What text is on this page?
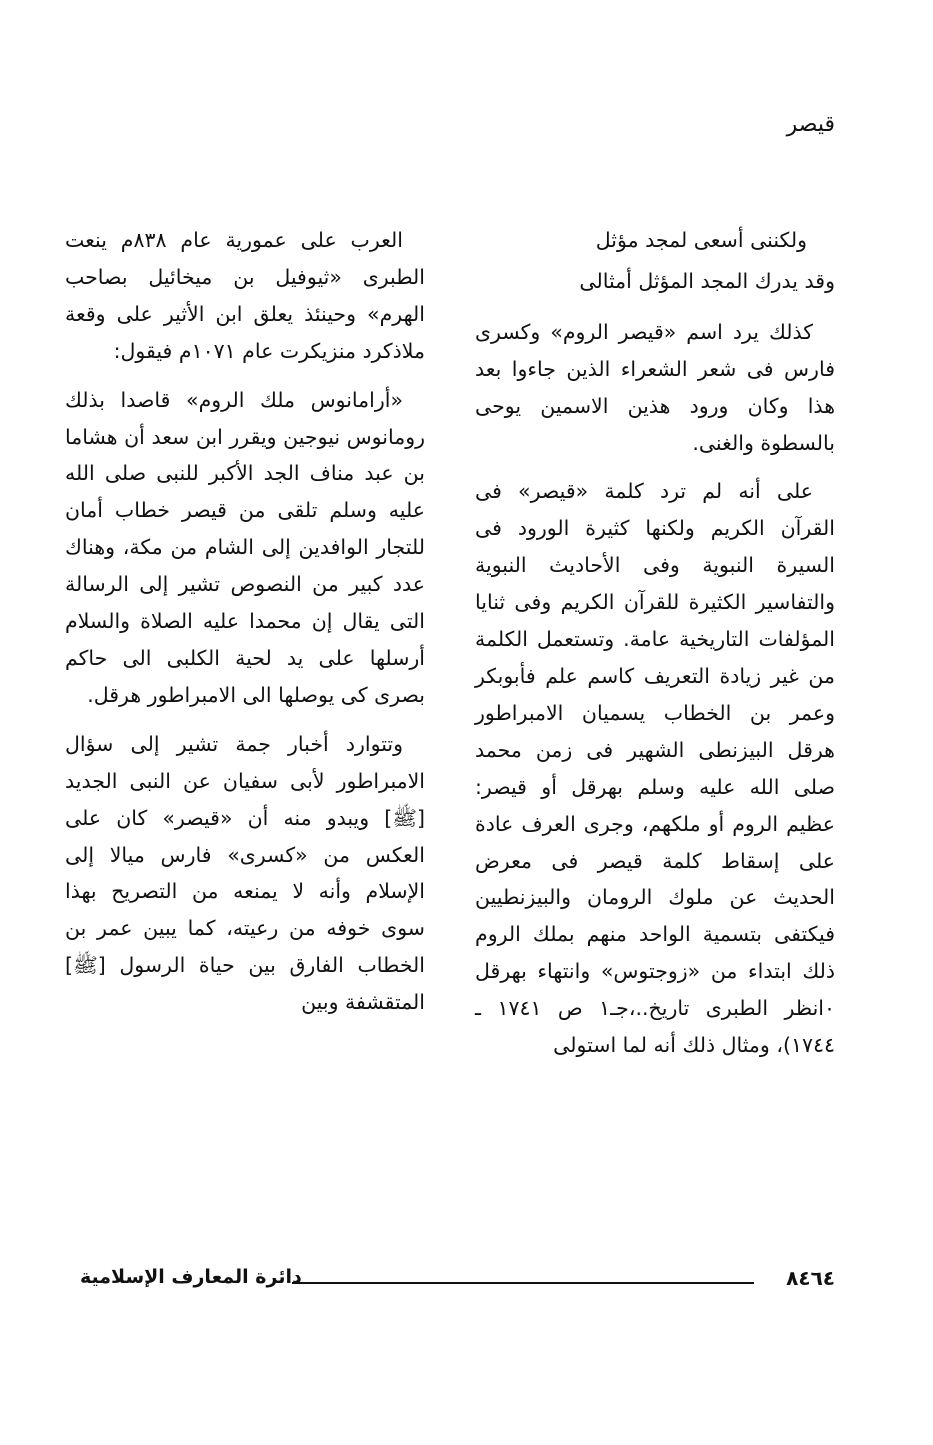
قيصر

ولكننى أسعى لمجد مؤثل

وقد يدرك المجد المؤثل أمثالى

كذلك يرد اسم «قيصر الروم» وكسرى فارس فى شعر الشعراء الذين جاءوا بعد هذا وكان ورود هذين الاسمين يوحى بالسطوة والغنى.

على أنه لم ترد كلمة «قيصر» فى القرآن الكريم ولكنها كثيرة الورود فى السيرة النبوية وفى الأحاديث النبوية والتفاسير الكثيرة للقرآن الكريم وفى ثنايا المؤلفات التاريخية عامة. وتستعمل الكلمة من غير زيادة التعريف كاسم علم فأبوبكر وعمر بن الخطاب يسميان الامبراطور هرقل البيزنطى الشهير فى زمن محمد صلى الله عليه وسلم بهرقل أو قيصر: عظيم الروم أو ملكهم، وجرى العرف عادة على إسقاط كلمة قيصر فى معرض الحديث عن ملوك الرومان والبيزنطيين فيكتفى بتسمية الواحد منهم بملك الروم ذلك ابتداء من «زوجتوس» وانتهاء بهرقل ٠انظر الطبرى تاريخ..،جـ١ ص ١٧٤١ ـ ١٧٤٤)، ومثال ذلك أنه لما استولى

العرب على عمورية عام ٨٣٨م ينعت الطبرى «ثيوفيل بن ميخائيل بصاحب الهرم» وحينئذ يعلق ابن الأثير على وقعة ملاذكرد منزيكرت عام ١٠٧١م فيقول:

«أرامانوس ملك الروم» قاصدا بذلك رومانوس نيوجين ويقرر ابن سعد أن هشاما بن عبد مناف الجد الأكبر للنبى صلى الله عليه وسلم تلقى من قيصر خطاب أمان للتجار الوافدين إلى الشام من مكة، وهناك عدد كبير من النصوص تشير إلى الرسالة التى يقال إن محمدا عليه الصلاة والسلام أرسلها على يد لحية الكلبى الى حاكم بصرى كى يوصلها الى الامبراطور هرقل.

وتتوارد أخبار جمة تشير إلى سؤال الامبراطور لأبى سفيان عن النبى الجديد [ﷺ] ويبدو منه أن «قيصر» كان على العكس من «كسرى» فارس ميالا إلى الإسلام وأنه لا يمنعه من التصريح بهذا سوى خوفه من رعيته، كما يبين عمر بن الخطاب الفارق بين حياة الرسول [ﷺ] المتقشفة وبين

دائرة المعارف الإسلامية	٨٤٦٤
